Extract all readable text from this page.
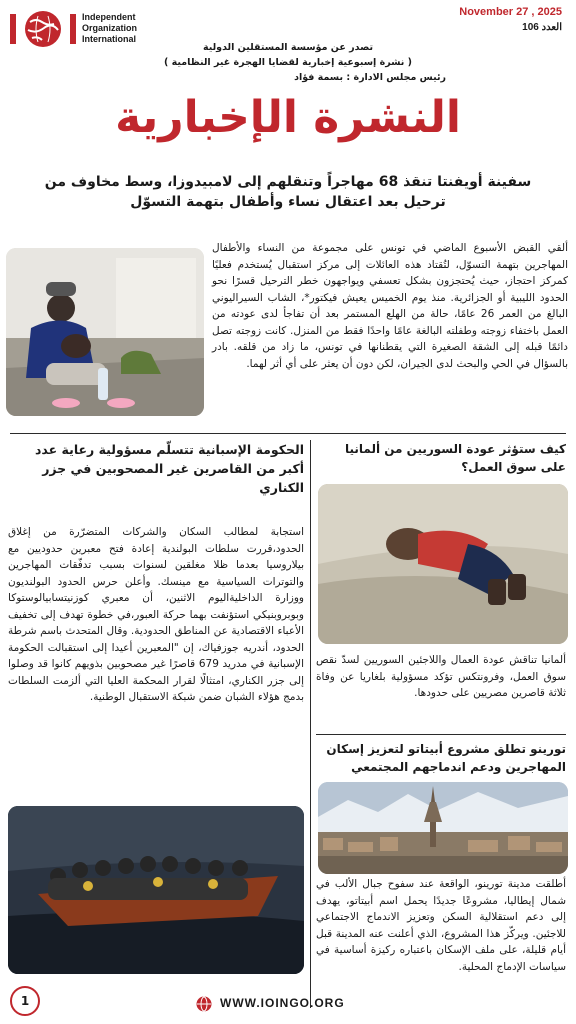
Independent
Organization
International
November 27 , 2025
العدد 106
تصدر عن مؤسسة المستقلين الدولية
( نشرة إسبوعية إخبارية لقضايا الهجرة غير النظامية )
رئيس مجلس الادارة : بسمة فؤاد
النشرة الإخبارية
سفينة أويفنتا تنقذ 68 مهاجراً وتنقلهم إلى لامبيدوزا، وسط مخاوف من ترحيل بعد اعتقال نساء وأطفال بتهمة التسوّل
ألقي القبض الأسبوع الماضي في تونس على مجموعة من النساء والأطفال المهاجرين بتهمة التسوّل، لتُقتاد هذه العائلات إلى مركز استقبال يُستخدم فعليًا كمركز احتجاز، حيث يُحتجزون بشكل تعسفي ويواجهون خطر الترحيل قسرًا نحو الحدود الليبية أو الجزائرية. منذ يوم الخميس يعيش فيكتور*، الشاب السيراليوني البالغ من العمر 26 عامًا، حالة من الهلع المستمر بعد أن تفاجأ لدى عودته من العمل باختفاء زوجته وطفلته البالغة عامًا واحدًا فقط من المنزل. كانت زوجته تصل دائمًا قبله إلى الشقة الصغيرة التي يقطنانها في تونس، ما زاد من قلقه. بادر بالسؤال في الحي والبحث لدى الجيران، لكن دون أن يعثر على أي أثر لهما.
كيف ستؤثر عودة السوريين من ألمانيا على سوق العمل؟
ألمانيا تناقش عودة العمال واللاجئين السوريين لسدّ نقص سوق العمل، وفرونتكس تؤكد مسؤولية بلغاريا عن وفاة ثلاثة قاصرين مصريين على حدودها.
تورينو تطلق مشروع أبيتاتو لتعزيز إسكان المهاجرين ودعم اندماجهم المجتمعي
أطلقت مدينة تورينو، الواقعة عند سفوح جبال الألب في شمال إيطاليا، مشروعًا جديدًا يحمل اسم أبيتاتو، يهدف إلى دعم استقلالية السكن وتعزيز الاندماج الاجتماعي للاجئين. ويركّز هذا المشروع، الذي أعلنت عنه المدينة قبل أيام قليلة، على ملف الإسكان باعتباره ركيزة أساسية في سياسات الإدماج المحلية.
الحكومة الإسبانية تتسلّم مسؤولية رعاية عدد أكبر من القاصرين غير المصحوبين في جزر الكناري
استجابة لمطالب السكان والشركات المتضرّرة من إغلاق الحدود،قررت سلطات البولندية إعادة فتح معبرين حدوديين مع بيلاروسيا بعدما ظلا مغلقين لسنوات بسبب تدفّقات المهاجرين والتوترات السياسية مع مينسك. وأعلن حرس الحدود البولنديون ووزارة الداخليةاليوم الاثنين، أن معبري كوزنيتسابيالوستوكا وبوبروبنيكي استؤنفت بهما حركة العبور،في خطوة تهدف إلى تخفيف الأعباء الاقتصادية عن المناطق الحدودية. وقال المتحدث باسم شرطة الحدود، أندريه جوزفياك، إن "المعبرين أعيدا إلى استقبالت الحكومة الإسبانية في مدريد 679 قاصرًا غير مصحوبين بذويهم كانوا قد وصلوا إلى جزر الكناري، امتثالًا لقرار المحكمة العليا التي ألزمت السلطات بدمج هؤلاء الشبان ضمن شبكة الاستقبال الوطنية.
1	WWW.IOINGO.ORG
